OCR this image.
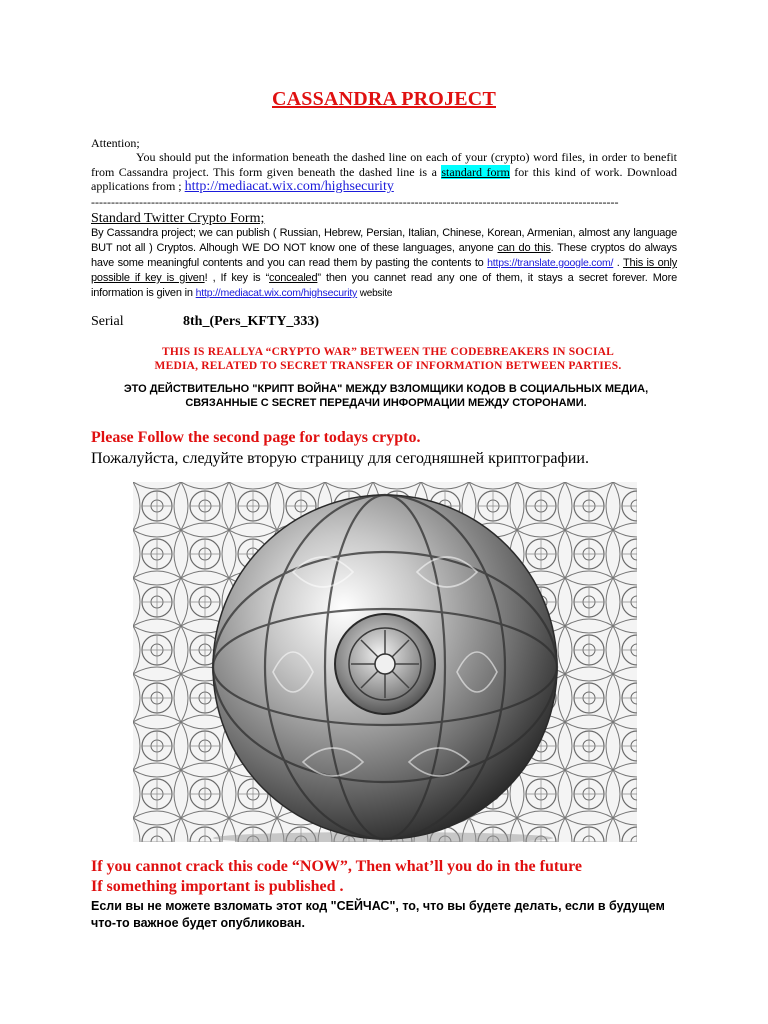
CASSANDRA PROJECT
Attention;
You should put the information beneath the dashed line on each of your (crypto) word files, in order to benefit from Cassandra project. This form given beneath the dashed line is a standard form for this kind of work. Download applications from ; http://mediacat.wix.com/highsecurity
------------------------------------------------------------------------------------------------------------------------------------
Standard Twitter Crypto Form;
By Cassandra project; we can publish ( Russian, Hebrew, Persian, Italian, Chinese, Korean, Armenian, almost any language BUT not all ) Cryptos. Alhough WE DO NOT know one of these languages, anyone can do this. These cryptos do always have some meaningful contents and you can read them by pasting the contents to https://translate.google.com/ . This is only possible if key is given! , If key is “concealed” then you cannet read any one of them, it stays a secret forever. More information is given in http://mediacat.wix.com/highsecurity website
Serial	8th_(Pers_KFTY_333)
THIS IS REALLYA “CRYPTO WAR” BETWEEN THE CODEBREAKERS IN SOCIAL MEDIA, RELATED TO SECRET TRANSFER OF INFORMATION BETWEEN PARTIES.
ЭТО ДЕЙСТВИТЕЛЬНО "КРИПТ ВОЙНА" МЕЖДУ ВЗЛОМЩИКИ КОДОВ В СОЦИАЛЬНЫХ МЕДИА, СВЯЗАННЫЕ С SECRET ПЕРЕДАЧИ ИНФОРМАЦИИ МЕЖДУ СТОРОНАМИ.
Please Follow the second page for todays crypto.
Пожалуйста, следуйте вторую страницу для сегодняшней криптографии.
If you cannot crack this code “NOW”, Then what’ll you do in the future
If something important is published .
Если вы не можете взломать этот код "СЕЙЧАС", то, что вы будете делать, если в будущем что-то важное будет опубликован.
